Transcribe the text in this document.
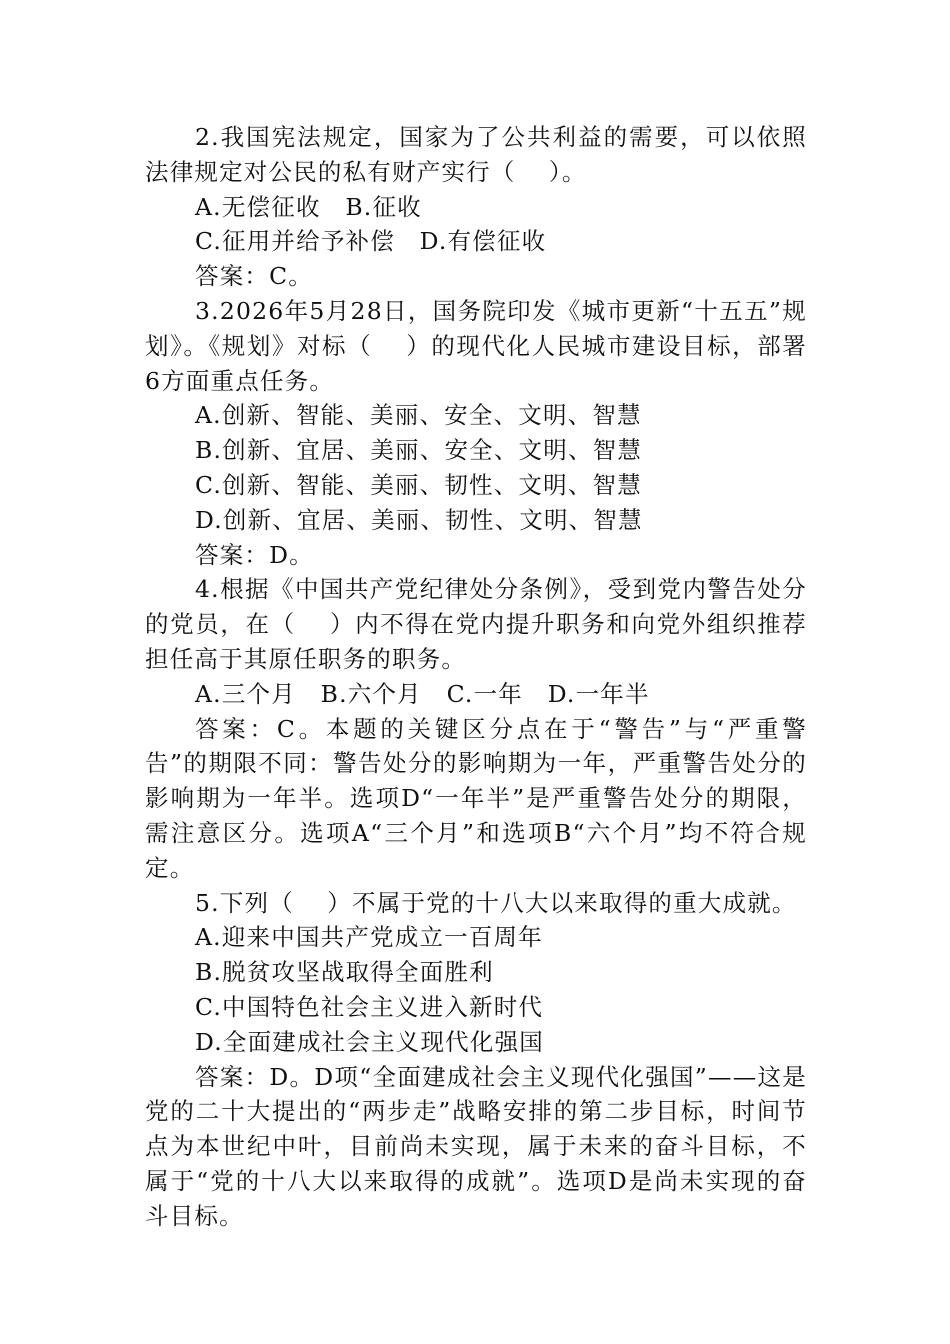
2.我国宪法规定，国家为了公共利益的需要，可以依照法律规定对公民的私有财产实行（　 ）。

A.无偿征收　B.征收

C.征用并给予补偿　D.有偿征收

答案：C。

3.2026年5月28日，国务院印发《城市更新“十五五”规划》。《规划》对标（　 ）的现代化人民城市建设目标，部署6方面重点任务。

A.创新、智能、美丽、安全、文明、智慧

B.创新、宜居、美丽、安全、文明、智慧

C.创新、智能、美丽、韧性、文明、智慧

D.创新、宜居、美丽、韧性、文明、智慧

答案：D。

4.根据《中国共产党纪律处分条例》，受到党内警告处分的党员，在（　 ）内不得在党内提升职务和向党外组织推荐担任高于其原任职务的职务。

A.三个月　B.六个月　C.一年　D.一年半

答案：C。本题的关键区分点在于“警告”与“严重警告”的期限不同：警告处分的影响期为一年，严重警告处分的影响期为一年半。选项D“一年半”是严重警告处分的期限，需注意区分。选项A“三个月”和选项B“六个月”均不符合规定。

5.下列（　 ）不属于党的十八大以来取得的重大成就。

A.迎来中国共产党成立一百周年

B.脱贫攻坚战取得全面胜利

C.中国特色社会主义进入新时代

D.全面建成社会主义现代化强国

答案：D。D项“全面建成社会主义现代化强国”——这是党的二十大提出的“两步走”战略安排的第二步目标，时间节点为本世纪中叶，目前尚未实现，属于未来的奋斗目标，不属于“党的十八大以来取得的成就”。选项D是尚未实现的奋斗目标。
